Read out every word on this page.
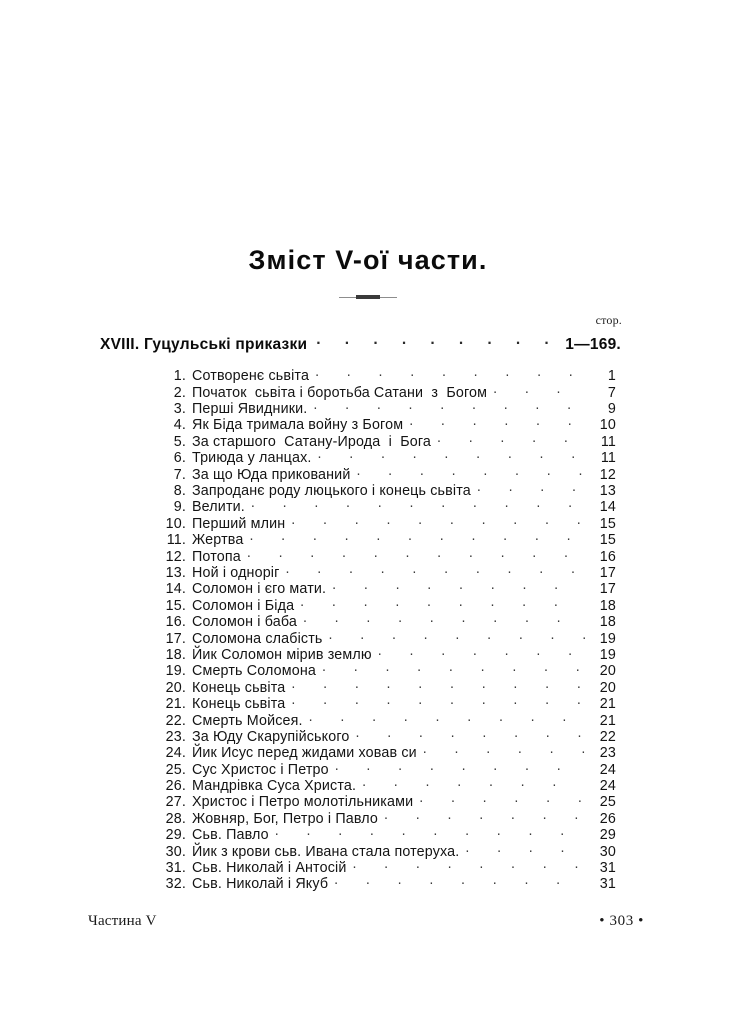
Зміст V-ої части.
стор.
XVIII. Гуцульські приказки . .	1—169.
1. Сотворенє сьвіта .  .	1
2. Початок  сьвіта і боротьба Сатани  з  Богом .  .	7
3. Перші Явидники. .  .	9
4. Як Біда тримала войну з Богом .  .	10
5. За старшого  Сатану-Ирода  і  Бога .  .	11
6. Триюда у ланцах. .  .	11
7. За що Юда прикований .  .	12
8. Запроданє роду люцького і конець сьвіта .  .	13
9. Велити. .  .	14
10. Перший млин .  .	15
11. Жертва .  .	15
12. Потопа .  .	16
13. Ной і однорiг .  .	17
14. Соломон і єго мати. .  .	17
15. Соломон і Біда .  .	18
16. Соломон і баба .  .	18
17. Соломона слабість .  .	19
18. Йик Соломон мірив землю .  .	19
19. Смерть Соломона .  .	20
20. Конець сьвіта .  .	20
21. Конець сьвіта .  .	21
22. Смерть Мойсея. .  .	21
23. За Юду Скарупійського .  .	22
24. Йик Исус перед жидами ховав си .  .	23
25. Сус Христос і Петро .  .	24
26. Мандрівка Суса Христа. .  .	24
27. Христос і Петро молотільниками .  .	25
28. Жовняр, Бог, Петро і Павло .  .	26
29. Сьв. Павло .  .	29
30. Йик з крови сьв. Ивана стала потеруха. .  .	30
31. Сьв. Николай і Антосій .  .	31
32. Сьв. Николай і Якуб .  .	31
Частина V	• 303 •
